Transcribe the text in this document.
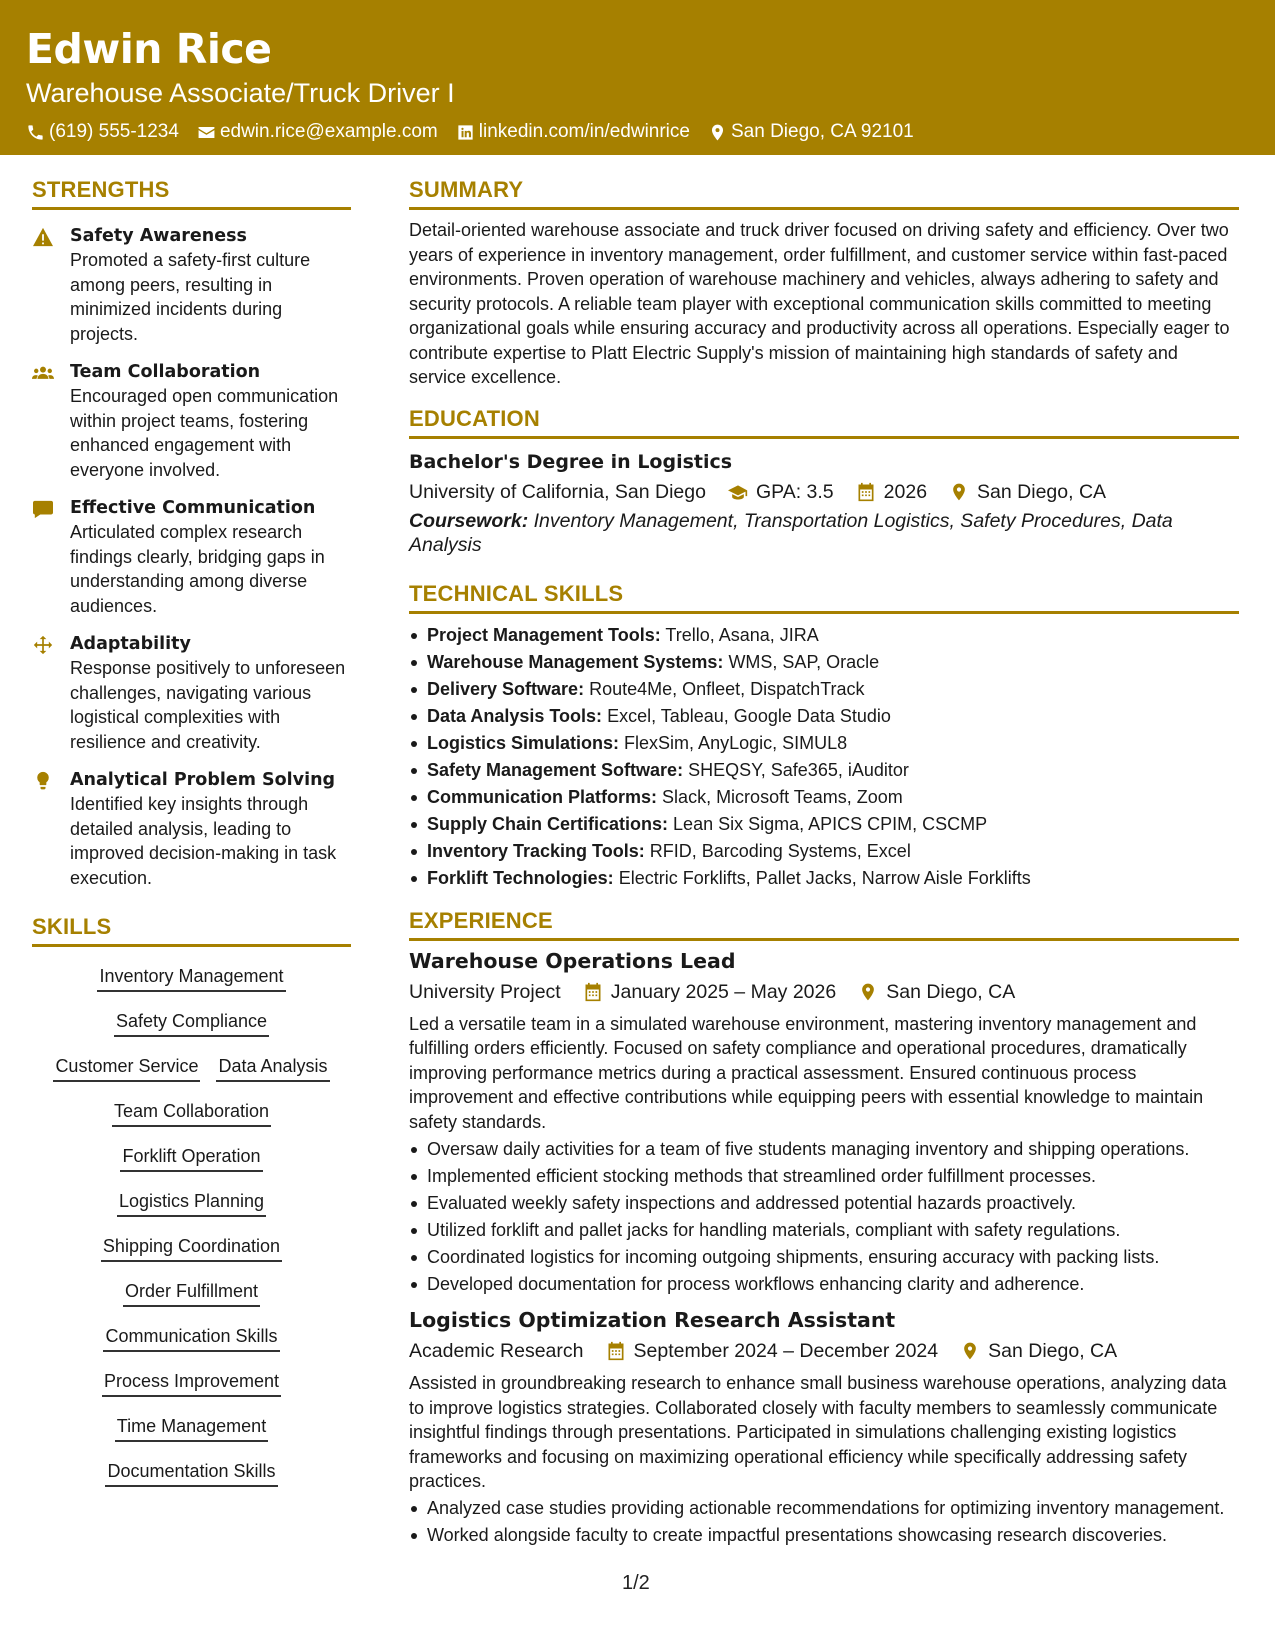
Edwin Rice
Warehouse Associate/Truck Driver I
(619) 555-1234 edwin.rice@example.com linkedin.com/in/edwinrice San Diego, CA 92101
STRENGTHS
Safety Awareness
Promoted a safety-first culture among peers, resulting in minimized incidents during projects.
Team Collaboration
Encouraged open communication within project teams, fostering enhanced engagement with everyone involved.
Effective Communication
Articulated complex research findings clearly, bridging gaps in understanding among diverse audiences.
Adaptability
Response positively to unforeseen challenges, navigating various logistical complexities with resilience and creativity.
Analytical Problem Solving
Identified key insights through detailed analysis, leading to improved decision-making in task execution.
SKILLS
Inventory Management
Safety Compliance
Customer Service Data Analysis
Team Collaboration
Forklift Operation
Logistics Planning
Shipping Coordination
Order Fulfillment
Communication Skills
Process Improvement
Time Management
Documentation Skills
SUMMARY
Detail-oriented warehouse associate and truck driver focused on driving safety and efficiency. Over two years of experience in inventory management, order fulfillment, and customer service within fast-paced environments. Proven operation of warehouse machinery and vehicles, always adhering to safety and security protocols. A reliable team player with exceptional communication skills committed to meeting organizational goals while ensuring accuracy and productivity across all operations. Especially eager to contribute expertise to Platt Electric Supply's mission of maintaining high standards of safety and service excellence.
EDUCATION
Bachelor's Degree in Logistics
University of California, San Diego	GPA: 3.5	2026	San Diego, CA
Coursework: Inventory Management, Transportation Logistics, Safety Procedures, Data Analysis
TECHNICAL SKILLS
Project Management Tools: Trello, Asana, JIRA
Warehouse Management Systems: WMS, SAP, Oracle
Delivery Software: Route4Me, Onfleet, DispatchTrack
Data Analysis Tools: Excel, Tableau, Google Data Studio
Logistics Simulations: FlexSim, AnyLogic, SIMUL8
Safety Management Software: SHEQSY, Safe365, iAuditor
Communication Platforms: Slack, Microsoft Teams, Zoom
Supply Chain Certifications: Lean Six Sigma, APICS CPIM, CSCMP
Inventory Tracking Tools: RFID, Barcoding Systems, Excel
Forklift Technologies: Electric Forklifts, Pallet Jacks, Narrow Aisle Forklifts
EXPERIENCE
Warehouse Operations Lead
University Project	January 2025 – May 2026	San Diego, CA
Led a versatile team in a simulated warehouse environment, mastering inventory management and fulfilling orders efficiently. Focused on safety compliance and operational procedures, dramatically improving performance metrics during a practical assessment. Ensured continuous process improvement and effective contributions while equipping peers with essential knowledge to maintain safety standards.
Oversaw daily activities for a team of five students managing inventory and shipping operations.
Implemented efficient stocking methods that streamlined order fulfillment processes.
Evaluated weekly safety inspections and addressed potential hazards proactively.
Utilized forklift and pallet jacks for handling materials, compliant with safety regulations.
Coordinated logistics for incoming outgoing shipments, ensuring accuracy with packing lists.
Developed documentation for process workflows enhancing clarity and adherence.
Logistics Optimization Research Assistant
Academic Research	September 2024 – December 2024	San Diego, CA
Assisted in groundbreaking research to enhance small business warehouse operations, analyzing data to improve logistics strategies. Collaborated closely with faculty members to seamlessly communicate insightful findings through presentations. Participated in simulations challenging existing logistics frameworks and focusing on maximizing operational efficiency while specifically addressing safety practices.
Analyzed case studies providing actionable recommendations for optimizing inventory management.
Worked alongside faculty to create impactful presentations showcasing research discoveries.
1/2
